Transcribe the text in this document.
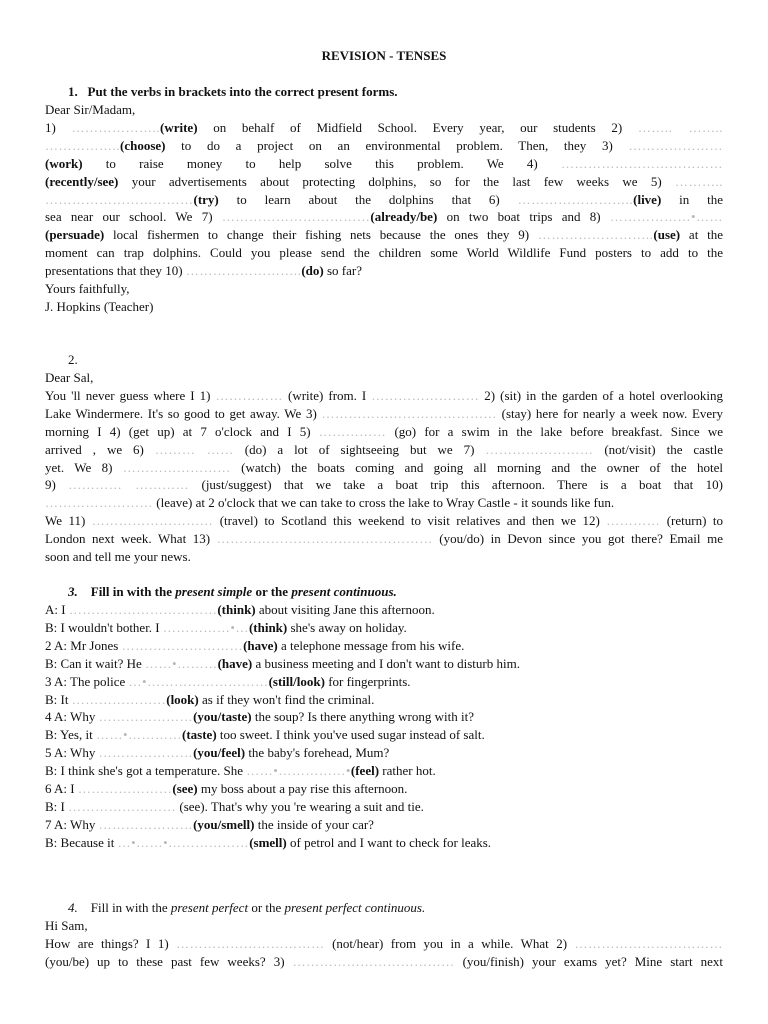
REVISION - TENSES
1. Put the verbs in brackets into the correct present forms.
Dear Sir/Madam,
1) ………………..(write) on behalf of Midfield School. Every year, our students 2) …….. ……..
……………..(choose) to do a project on an environmental problem. Then, they 3) …………………
(work) to raise money to help solve this problem. We 4) ………………………………
(recently/see) your advertisements about protecting dolphins, so for the last few weeks we 5) ………..
……………………………(try) to learn about the dolphins that 6) ……………………..(live) in the
sea near our school. We 7) ……………………………(already/be) on two boat trips and 8) ………………•……
(persuade) local fishermen to change their fishing nets because the ones they 9) ……………………..(use) at the
moment can trap dolphins. Could you please send the children some World Wildlife Fund posters to add to the
presentations that they 10) ……………………..(do) so far?
Yours faithfully,
J. Hopkins (Teacher)
2.
Dear Sal,
You 'll never guess where I 1) …………… (write) from. I …………………… 2) (sit) in the garden of a hotel overlooking
Lake Windermere. It's so good to get away. We 3) ………………………………… (stay) here for nearly a week now. Every
morning I 4) (get up) at 7 o'clock and I 5) …………… (go) for a swim in the lake before breakfast. Since we
arrived , we 6) ……… …… (do) a lot of sightseeing but we 7) …………………… (not/visit) the castle
yet. We 8) …………………… (watch) the boats coming and going all morning and the owner of the hotel
9) ………… ………… (just/suggest) that we take a boat trip this afternoon. There is a boat that 10)
…………………… (leave) at 2 o'clock that we can take to cross the lake to Wray Castle - it sounds like fun.
We 11) ……………………… (travel) to Scotland this weekend to visit relatives and then we 12) ………… (return) to
London next week. What 13) ………………………………………… (you/do) in Devon since you got there? Email me
soon and tell me your news.
3. Fill in with the present simple or the present continuous.
A: I ……………………………(think) about visiting Jane this afternoon.
B: I wouldn't bother. I ……………•…(think) she's away on holiday.
2 A: Mr Jones ………………………(have) a telephone message from his wife.
B: Can it wait? He ……•………(have) a business meeting and I don't want to disturb him.
3 A: The police …•………………………(still/look) for fingerprints.
B: It …………………(look) as if they won't find the criminal.
4 A: Why …………………(you/taste) the soup? Is there anything wrong with it?
B: Yes, it ……•…………(taste) too sweet. I think you've used sugar instead of salt.
5 A: Why …………………(you/feel) the baby's forehead, Mum?
B: I think she's got a temperature. She ……•……………•(feel) rather hot.
6 A: I …………………(see) my boss about a pay rise this afternoon.
B: I …………………… (see). That's why you 're wearing a suit and tie.
7 A: Why …………………(you/smell) the inside of your car?
B: Because it …•……•………………(smell) of petrol and I want to check for leaks.
4. Fill in with the present perfect or the present perfect continuous.
Hi Sam,
How are things? I 1) …………………………… (not/hear) from you in a while. What 2) ……………………………
(you/be) up to these past few weeks? 3) ……………………………… (you/finish) your exams yet? Mine start next
